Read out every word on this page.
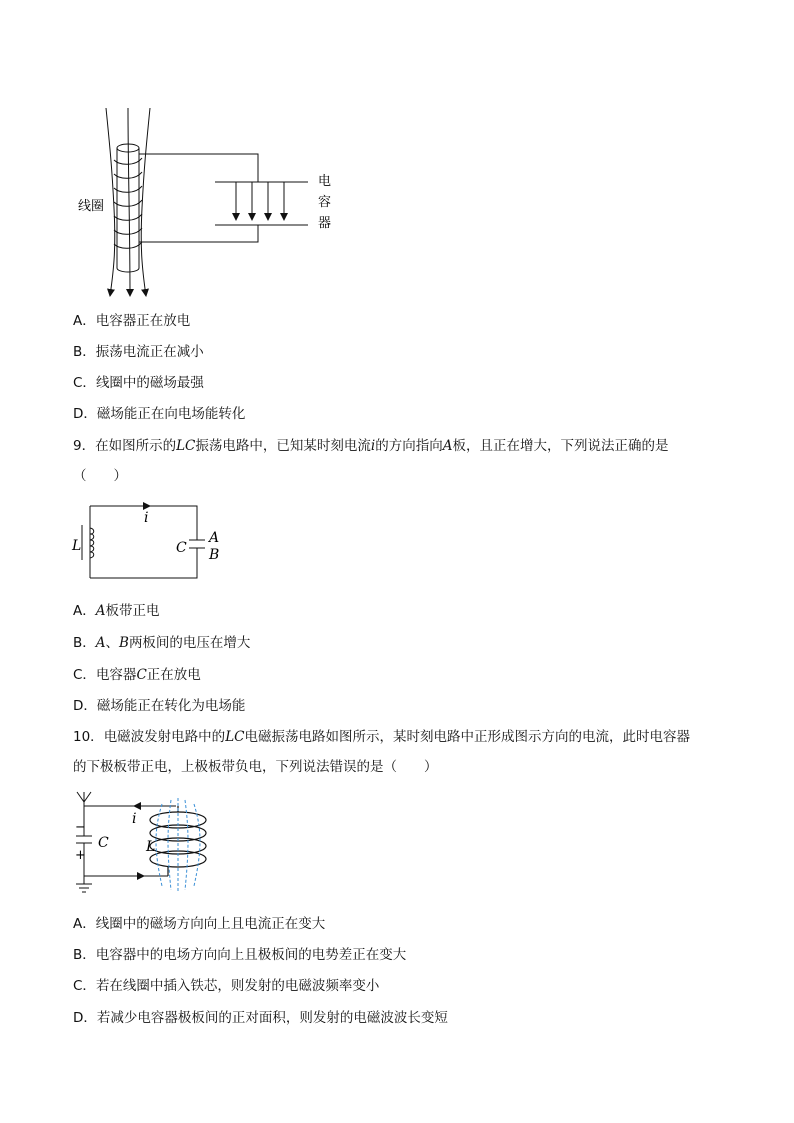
线圈
电
容
器
A．电容器正在放电
B．振荡电流正在减小
C．线圈中的磁场最强
D．磁场能正在向电场能转化
9．在如图所示的LC振荡电路中，已知某时刻电流i的方向指向A板，且正在增大，下列说法正确的是
（　　）
i
L	C
A
B
A．A板带正电
B．A、B两板间的电压在增大
C．电容器C正在放电
D．磁场能正在转化为电场能
10．电磁波发射电路中的LC电磁振荡电路如图所示，某时刻电路中正形成图示方向的电流，此时电容器
的下极板带正电，上极板带负电，下列说法错误的是（　　）
i
−
C
+
L
A．线圈中的磁场方向向上且电流正在变大
B．电容器中的电场方向向上且极板间的电势差正在变大
C．若在线圈中插入铁芯，则发射的电磁波频率变小
D．若减少电容器极板间的正对面积，则发射的电磁波波长变短
